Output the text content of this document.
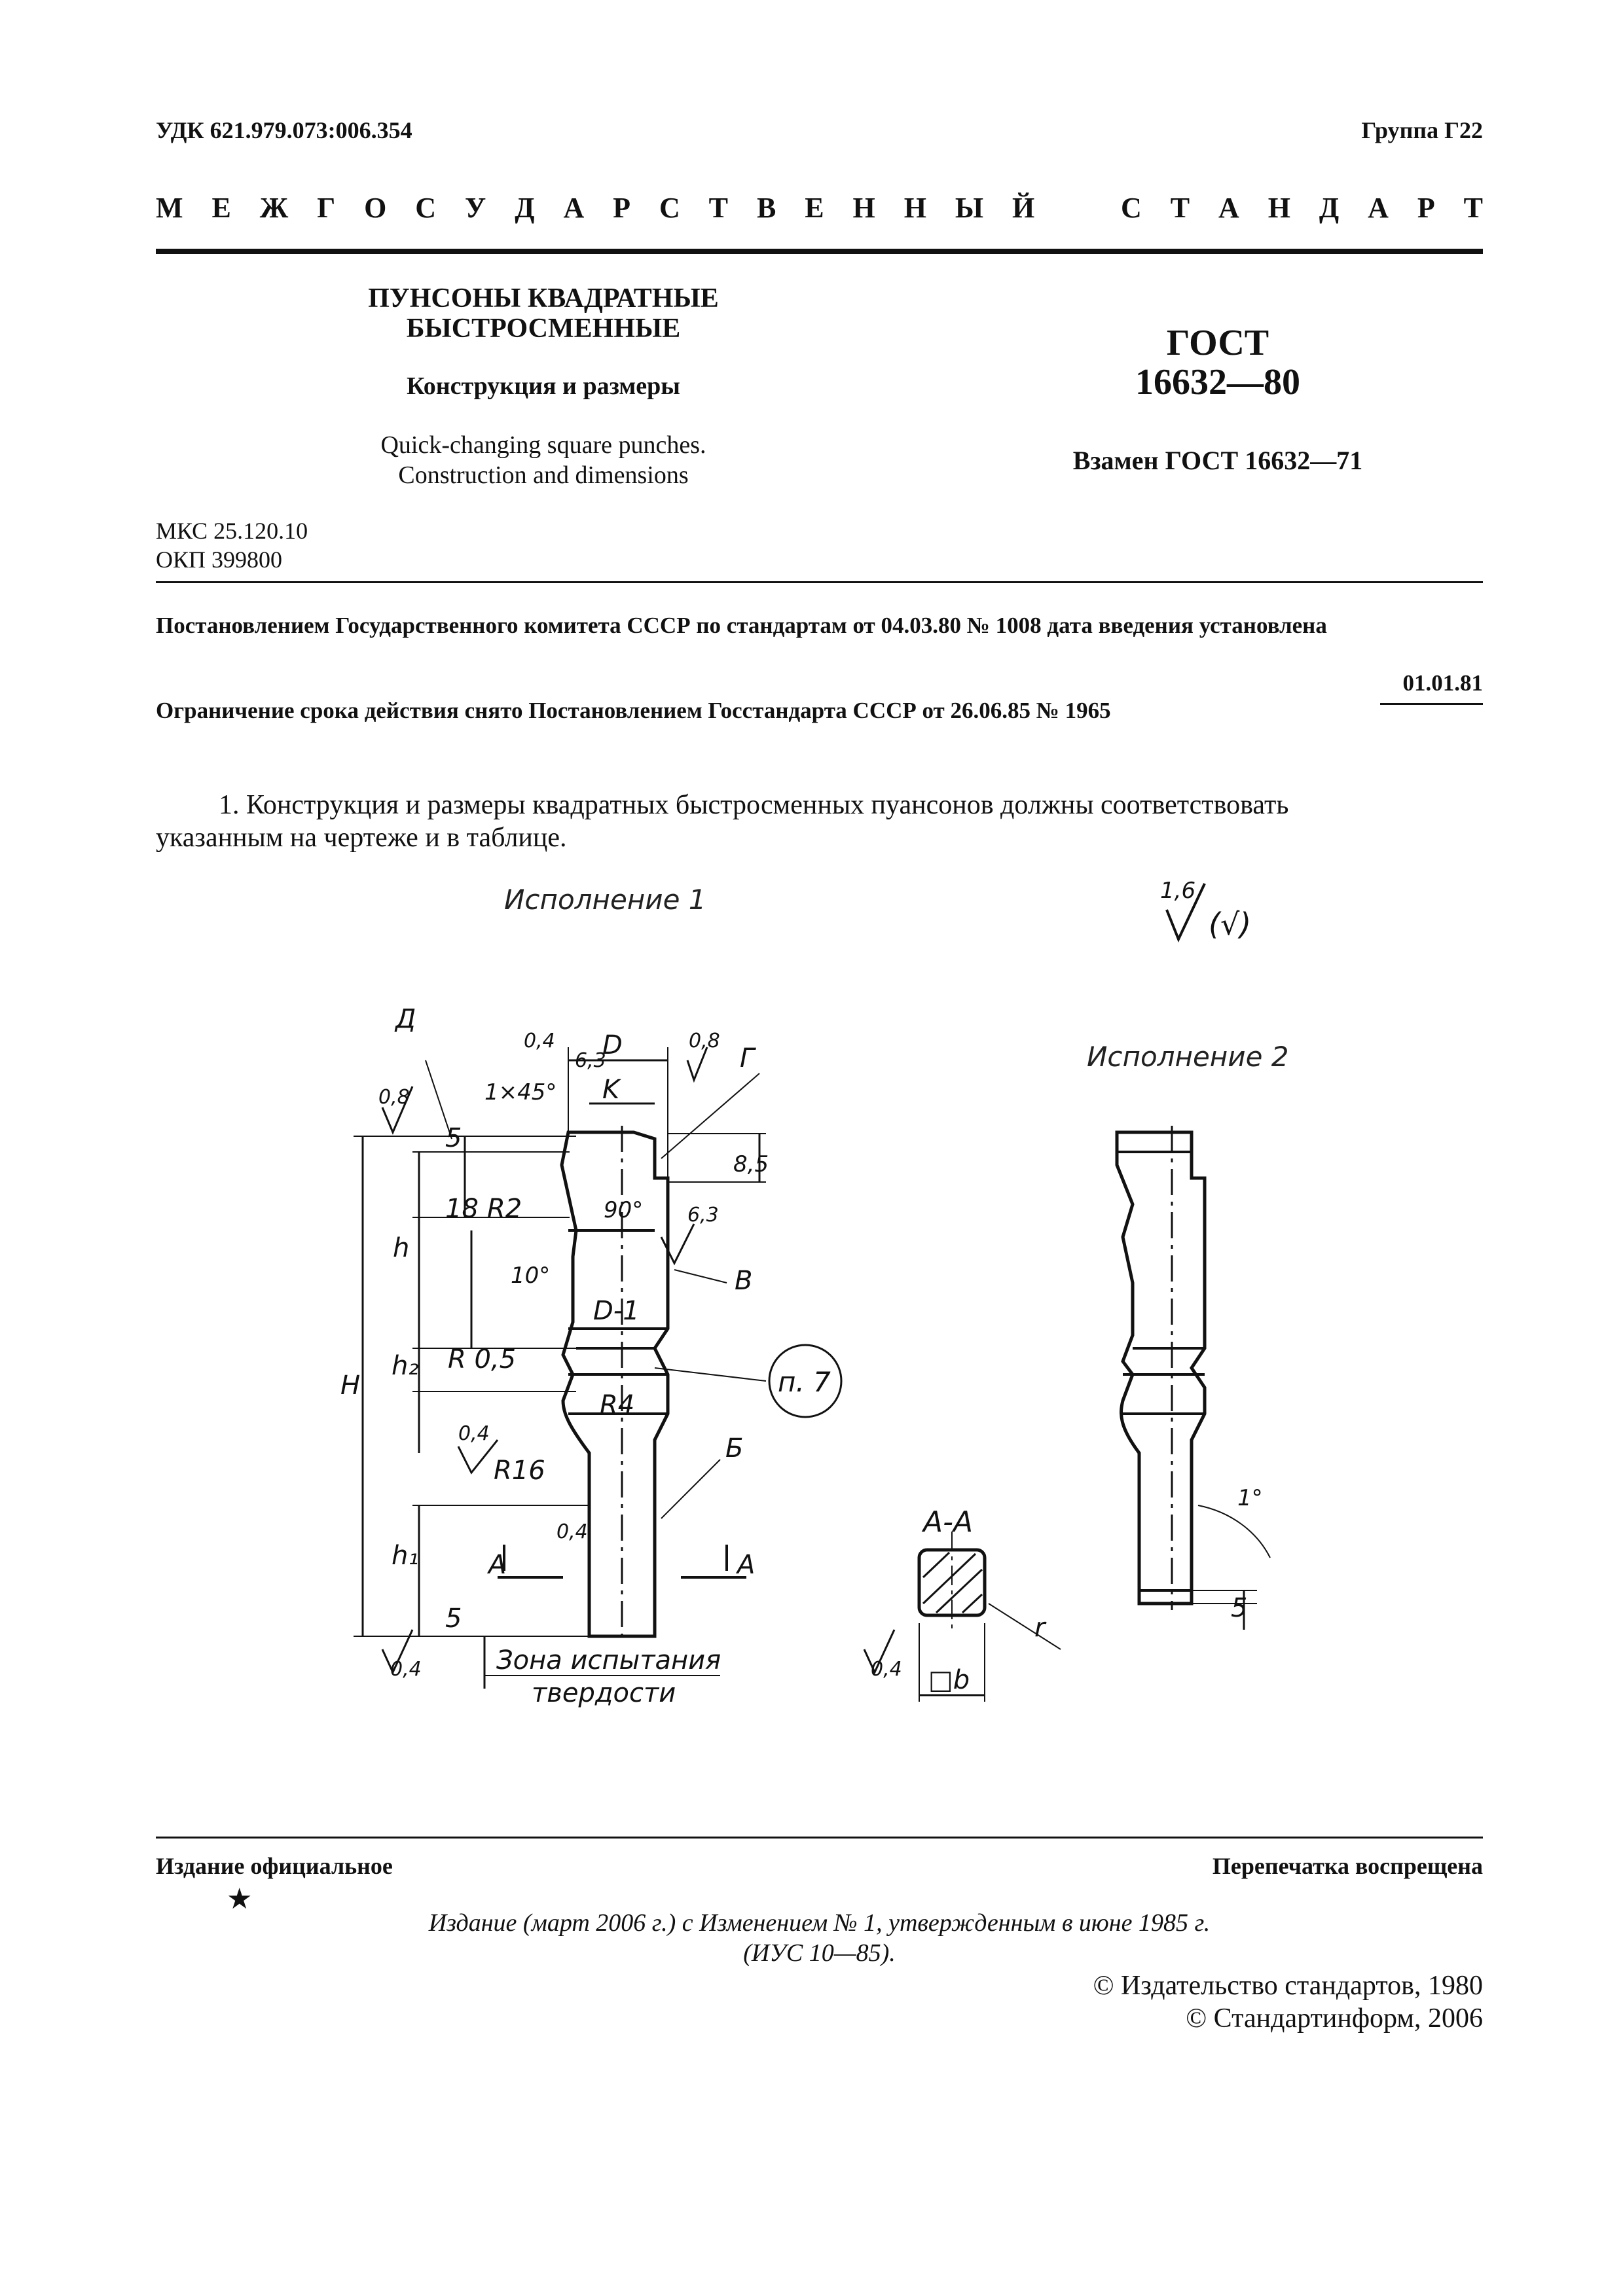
УДК 621.979.073:006.354	Группа Г22
М Е Ж Г О С У Д А Р С Т В Е Н Н Ы Й   С Т А Н Д А Р Т
ПУНСОНЫ КВАДРАТНЫЕ
БЫСТРОСМЕННЫЕ
Конструкция и размеры
Quick-changing square punches.
Construction and dimensions
ГОСТ
16632—80
Взамен ГОСТ 16632—71
МКС 25.120.10
ОКП 399800
Постановлением Государственного комитета СССР по стандартам от 04.03.80 № 1008 дата введения установлена
01.01.81
Ограничение срока действия снято Постановлением Госстандарта СССР от 26.06.85 № 1965
1. Конструкция и размеры квадратных быстросменных пуансонов должны соответствовать
указанным на чертеже и в таблице.
Исполнение 1
Исполнение 2
1,6
(√)
D
K
Д
Г
В
Б
А	А
H
h
h₁
h₂
r
□b
D-1
R2
R 0,5
R4
R16
5
18
5
8,5
5
1×45°
90°
10°
1°
0,8
0,4
6,3
0,8
6,3
0,4
0,4
0,4	0,4
п. 7
А-А
Зона испытания
твердости
Издание официальное
★
Перепечатка воспрещена
Издание (март 2006 г.) с Изменением № 1, утвержденным в июне 1985 г.
(ИУС 10—85).
© Издательство стандартов, 1980
© Стандартинформ, 2006
